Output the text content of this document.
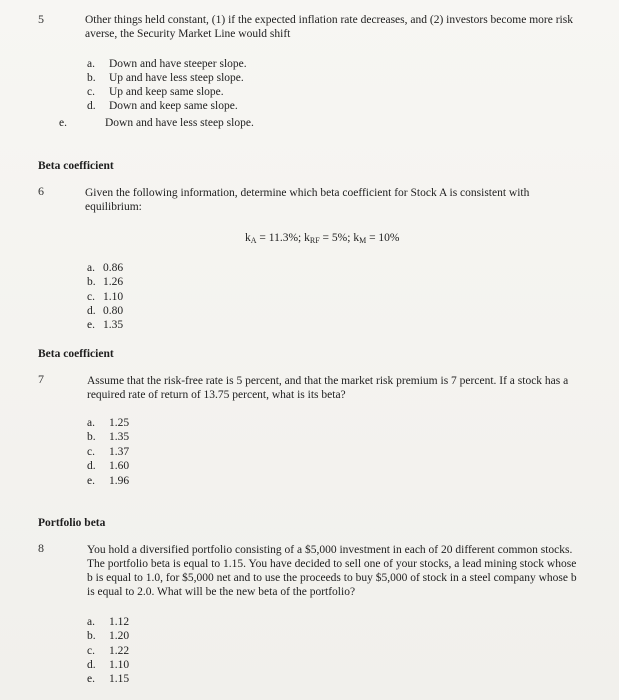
5	Other things held constant, (1) if the expected inflation rate decreases, and (2) investors become more risk averse, the Security Market Line would shift
a. Down and have steeper slope.
b. Up and have less steep slope.
c. Up and keep same slope.
d. Down and keep same slope.
e.	Down and have less steep slope.
Beta coefficient
6	Given the following information, determine which beta coefficient for Stock A is consistent with equilibrium:
$k_A = 11.3\%$; $k_{RF} = 5\%$; $k_M = 10\%$
a. 0.86
b. 1.26
c. 1.10
d. 0.80
e. 1.35
Beta coefficient
7	Assume that the risk-free rate is 5 percent, and that the market risk premium is 7 percent. If a stock has a required rate of return of 13.75 percent, what is its beta?
a. 1.25
b. 1.35
c. 1.37
d. 1.60
e. 1.96
Portfolio beta
8	You hold a diversified portfolio consisting of a $5,000 investment in each of 20 different common stocks. The portfolio beta is equal to 1.15. You have decided to sell one of your stocks, a lead mining stock whose b is equal to 1.0, for $5,000 net and to use the proceeds to buy $5,000 of stock in a steel company whose b is equal to 2.0. What will be the new beta of the portfolio?
a. 1.12
b. 1.20
c. 1.22
d. 1.10
e. 1.15
